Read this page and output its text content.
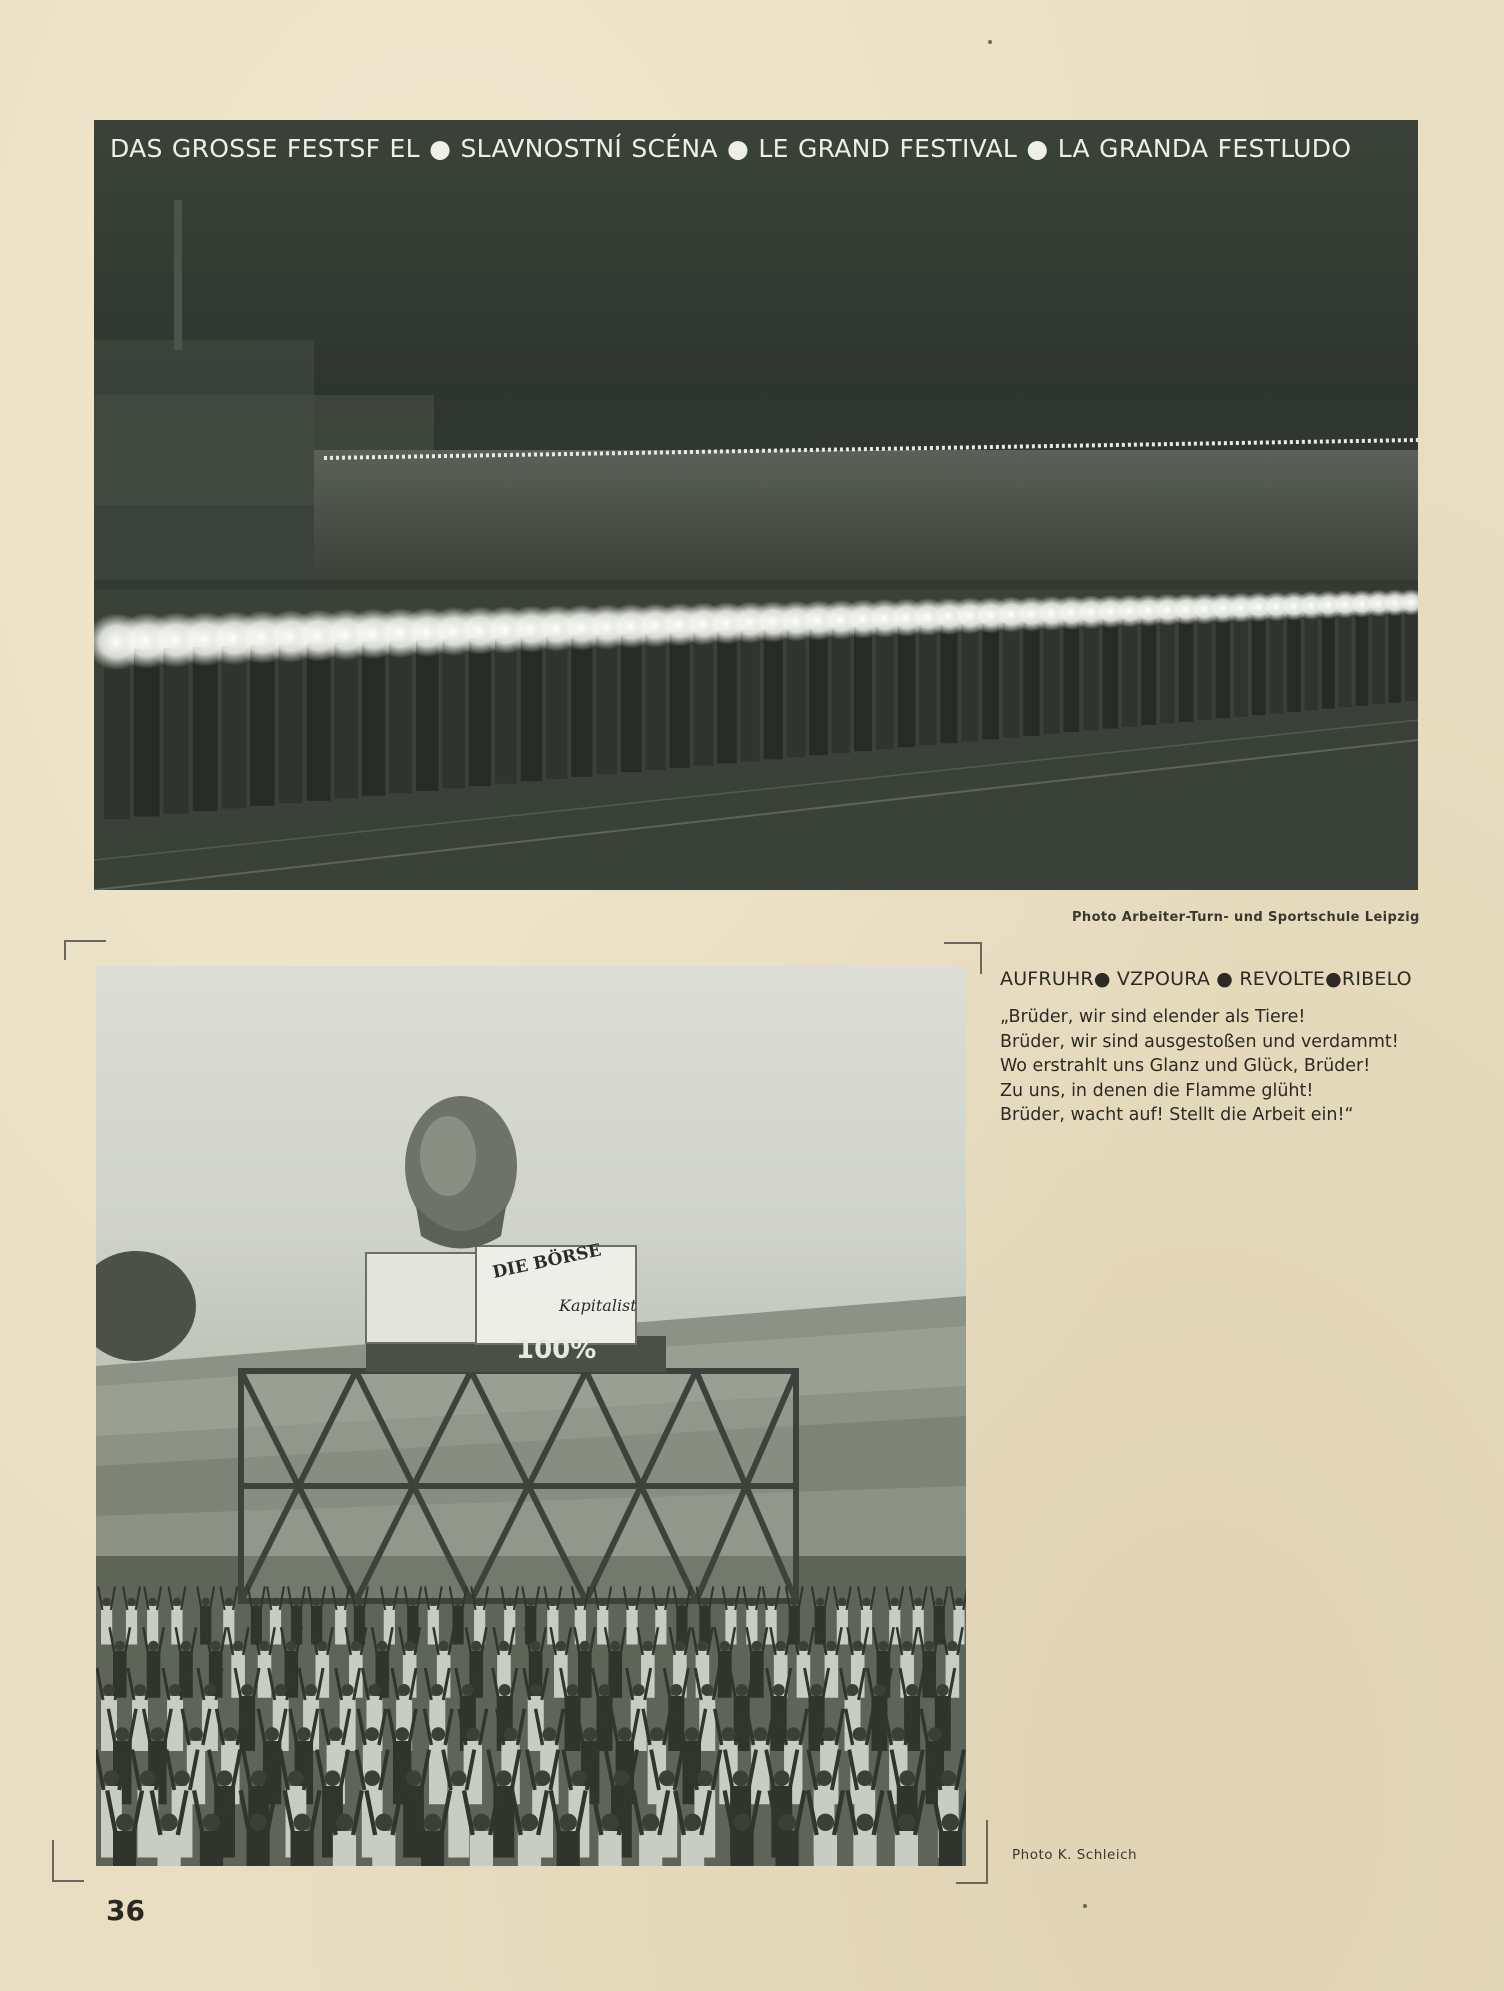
DAS GROSSE FESTSF EL ● SLAVNOSTNÍ SCÉNA ● LE GRAND FESTIVAL ● LA GRANDA FESTLUDO
Photo Arbeiter-Turn- und Sportschule Leipzig
DIE BÖRSE
Kapitalist
100%
AUFRUHR● VZPOURA ● REVOLTE●RIBELO
„Brüder, wir sind elender als Tiere!
Brüder, wir sind ausgestoßen und verdammt!
Wo erstrahlt uns Glanz und Glück, Brüder!
Zu uns, in denen die Flamme glüht!
Brüder, wacht auf! Stellt die Arbeit ein!“
Photo K. Schleich
36
